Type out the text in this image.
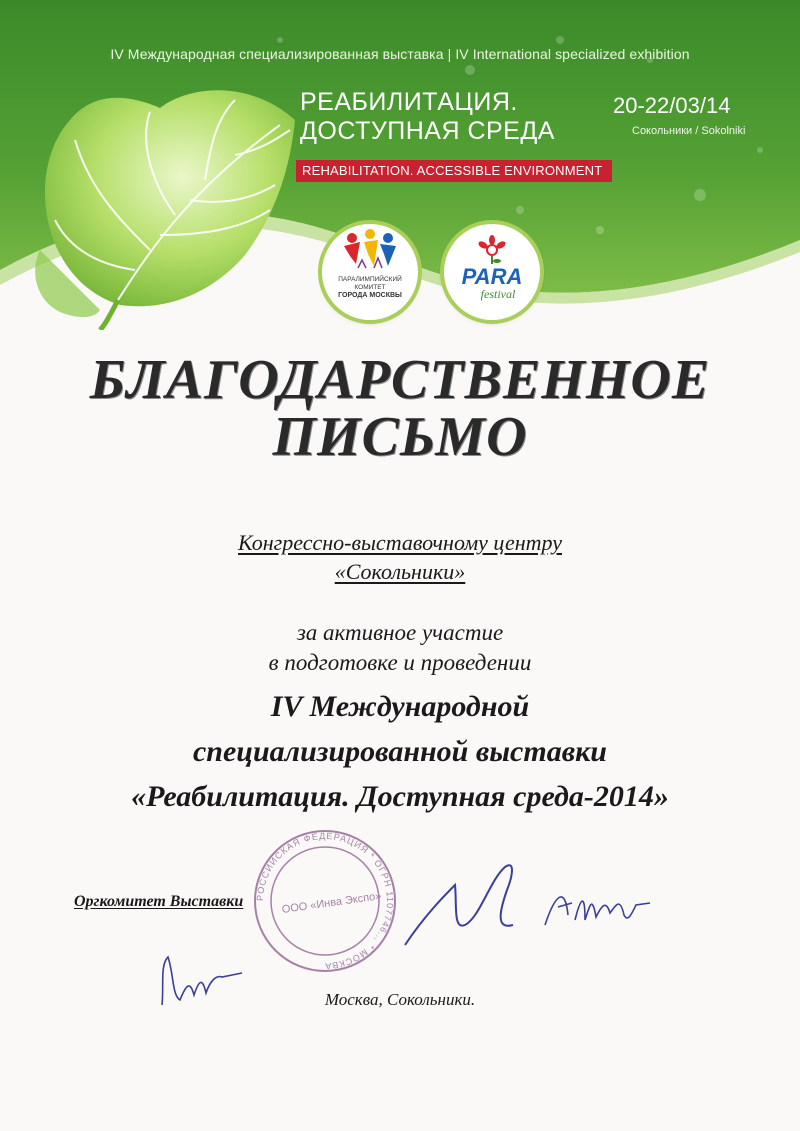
IV Международная специализированная выставка | IV International specialized exhibition
РЕАБИЛИТАЦИЯ.
ДОСТУПНАЯ СРЕДА
REHABILITATION. ACCESSIBLE ENVIRONMENT
20-22/03/14
Сокольники / Sokolniki
ПАРАЛИМПИЙСКИЙ КОМИТЕТ
ГОРОДА МОСКВЫ
PARA
festival
БЛАГОДАРСТВЕННОЕ
ПИСЬМО
Конгрессно-выставочному центру
«Сокольники»
за активное участие
в подготовке и проведении
IV Международной
специализированной выставки
«Реабилитация. Доступная среда-2014»
РОССИЙСКАЯ ФЕДЕРАЦИЯ * ОГРН 1107746... * МОСКВА
ООО «Инва Экспо»
Оргкомитет Выставки
Москва, Сокольники.
